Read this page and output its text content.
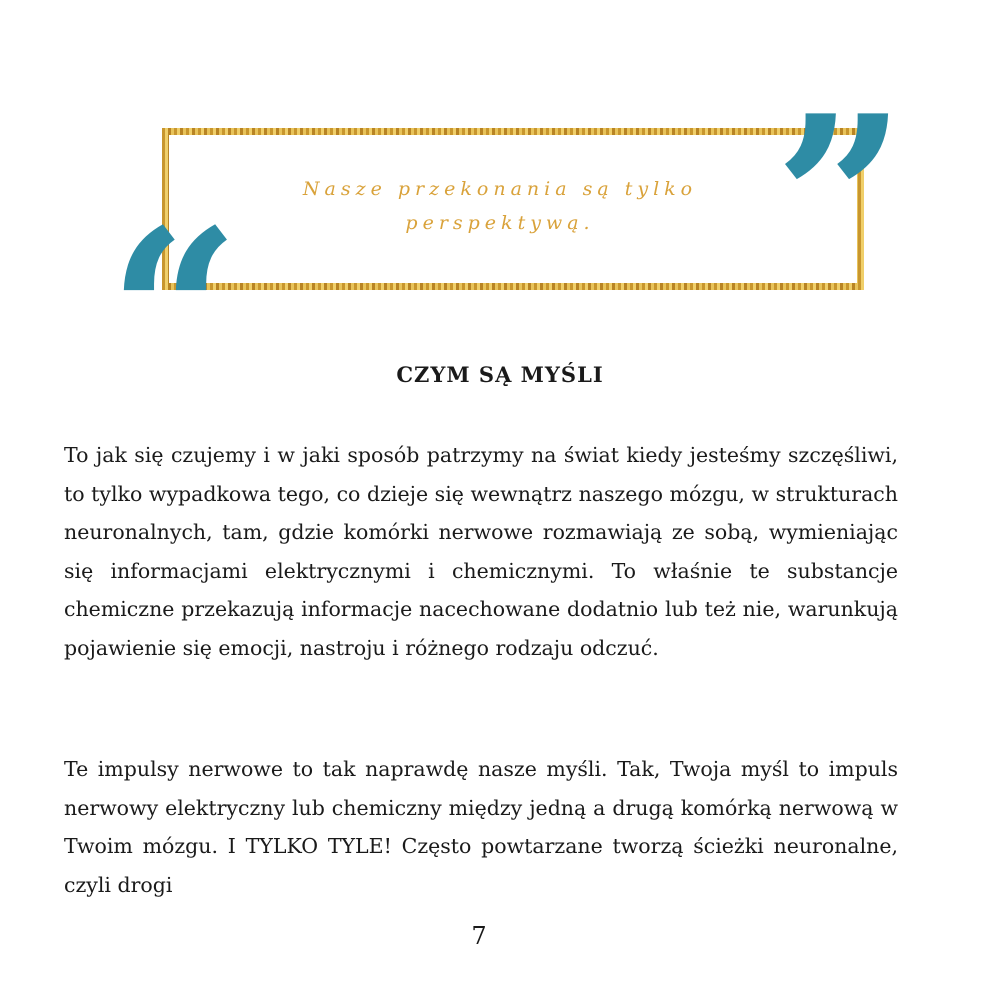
“ ”
Nasze przekonania są tylko perspektywą.
CZYM SĄ MYŚLI

To jak się czujemy i w jaki sposób patrzymy na świat kiedy jesteśmy szczęśliwi, to tylko wypadkowa tego, co dzieje się wewnątrz naszego mózgu, w strukturach neuronalnych, tam, gdzie komórki nerwowe rozmawiają ze sobą, wymieniając się informacjami elektrycznymi i chemicznymi. To właśnie te substancje chemiczne przekazują informacje nacechowane dodatnio lub też nie, warunkują pojawienie się emocji, nastroju i różnego rodzaju odczuć.

Te impulsy nerwowe to tak naprawdę nasze myśli. Tak, Twoja myśl to impuls nerwowy elektryczny lub chemiczny między jedną a drugą komórką nerwową w Twoim mózgu. I TYLKO TYLE! Często powtarzane tworzą ścieżki neuronalne, czyli drogi

7
